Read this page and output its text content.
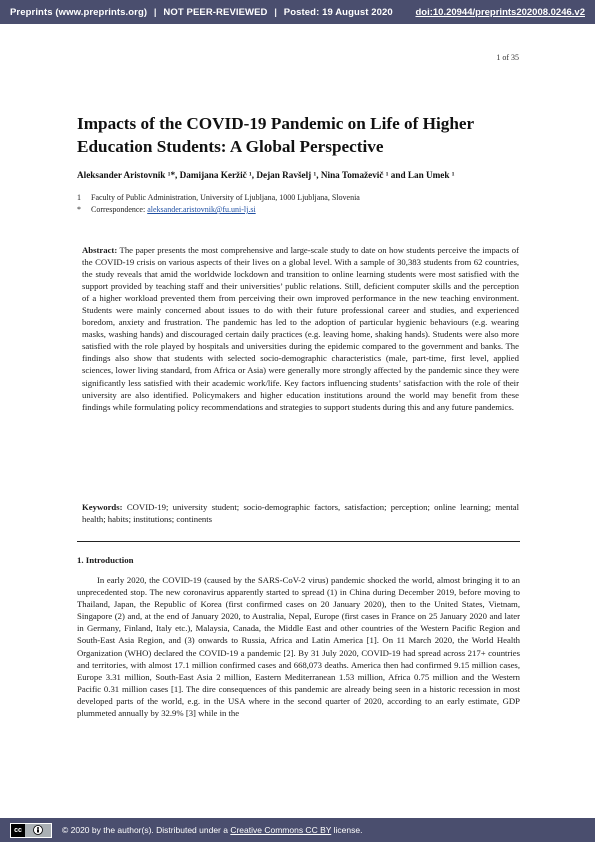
Preprints (www.preprints.org) | NOT PEER-REVIEWED | Posted: 19 August 2020 doi:10.20944/preprints202008.0246.v2
1 of 35
Impacts of the COVID-19 Pandemic on Life of Higher Education Students: A Global Perspective
Aleksander Aristovnik ¹*, Damijana Keržič ¹, Dejan Ravšelj ¹, Nina Tomaževič ¹ and Lan Umek ¹
1	Faculty of Public Administration, University of Ljubljana, 1000 Ljubljana, Slovenia
*	Correspondence: aleksander.aristovnik@fu.uni-lj.si

Abstract: The paper presents the most comprehensive and large-scale study to date on how students perceive the impacts of the COVID-19 crisis on various aspects of their lives on a global level. With a sample of 30,383 students from 62 countries, the study reveals that amid the worldwide lockdown and transition to online learning students were most satisfied with the support provided by teaching staff and their universities’ public relations. Still, deficient computer skills and the perception of a higher workload prevented them from perceiving their own improved performance in the new teaching environment. Students were mainly concerned about issues to do with their future professional career and studies, and experienced boredom, anxiety and frustration. The pandemic has led to the adoption of particular hygienic behaviours (e.g. wearing masks, washing hands) and discouraged certain daily practices (e.g. leaving home, shaking hands). Students were also more satisfied with the role played by hospitals and universities during the epidemic compared to the government and banks. The findings also show that students with selected socio-demographic characteristics (male, part-time, first level, applied sciences, lower living standard, from Africa or Asia) were generally more strongly affected by the pandemic since they were significantly less satisfied with their academic work/life. Key factors influencing students’ satisfaction with the role of their university are also identified. Policymakers and higher education institutions around the world may benefit from these findings while formulating policy recommendations and strategies to support students during this and any future pandemics.

Keywords: COVID-19; university student; socio-demographic factors, satisfaction; perception; online learning; mental health; habits; institutions; continents

1. Introduction

In early 2020, the COVID-19 (caused by the SARS-CoV-2 virus) pandemic shocked the world, almost bringing it to an unprecedented stop. The new coronavirus apparently started to spread (1) in China during December 2019, before moving to Thailand, Japan, the Republic of Korea (first confirmed cases on 20 January 2020), then to the United States, Vietnam, Singapore (2) and, at the end of January 2020, to Australia, Nepal, Europe (first cases in France on 25 January 2020 and later in Germany, Finland, Italy etc.), Malaysia, Canada, the Middle East and other countries of the Western Pacific Region and South-East Asia Region, and (3) onwards to Russia, Africa and Latin America [1]. On 11 March 2020, the World Health Organization (WHO) declared the COVID-19 a pandemic [2]. By 31 July 2020, COVID-19 had spread across 217+ countries and territories, with almost 17.1 million confirmed cases and 668,073 deaths. America then had confirmed 9.15 million cases, Europe 3.31 million, South-East Asia 2 million, Eastern Mediterranean 1.53 million, Africa 0.75 million and the Western Pacific 0.31 million cases [1]. The dire consequences of this pandemic are already being seen in a historic recession in most developed parts of the world, e.g. in the USA where in the second quarter of 2020, according to an early estimate, GDP plummeted annually by 32.9% [3] while in the

cc	© 2020 by the author(s). Distributed under a Creative Commons CC BY license.
